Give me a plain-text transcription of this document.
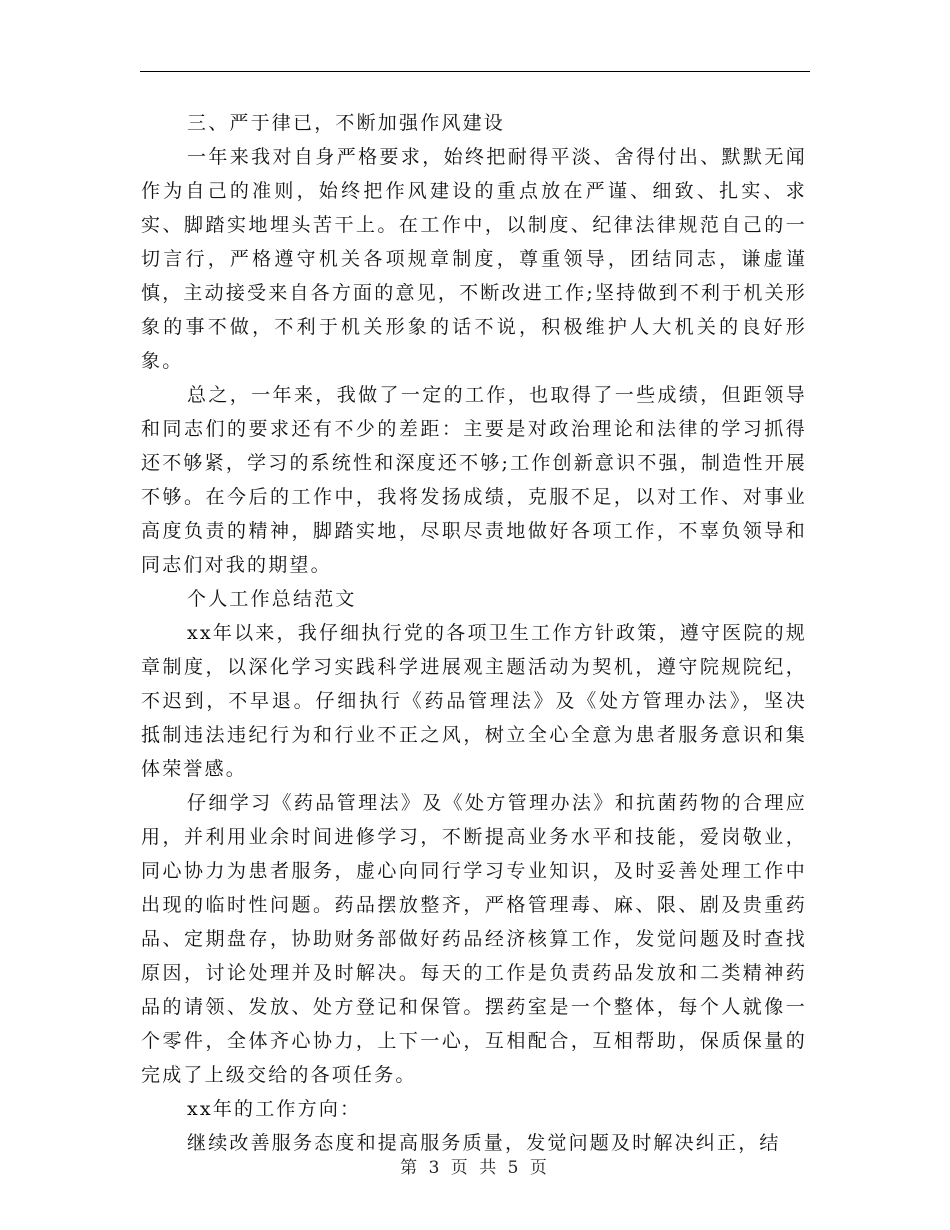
三、严于律已，不断加强作风建设

一年来我对自身严格要求，始终把耐得平淡、舍得付出、默默无闻作为自己的准则，始终把作风建设的重点放在严谨、细致、扎实、求实、脚踏实地埋头苦干上。在工作中，以制度、纪律法律规范自己的一切言行，严格遵守机关各项规章制度，尊重领导，团结同志，谦虚谨慎，主动接受来自各方面的意见，不断改进工作;坚持做到不利于机关形象的事不做，不利于机关形象的话不说，积极维护人大机关的良好形象。

总之，一年来，我做了一定的工作，也取得了一些成绩，但距领导和同志们的要求还有不少的差距：主要是对政治理论和法律的学习抓得还不够紧，学习的系统性和深度还不够;工作创新意识不强，制造性开展不够。在今后的工作中，我将发扬成绩，克服不足，以对工作、对事业高度负责的精神，脚踏实地，尽职尽责地做好各项工作，不辜负领导和同志们对我的期望。

个人工作总结范文

xx年以来，我仔细执行党的各项卫生工作方针政策，遵守医院的规章制度，以深化学习实践科学进展观主题活动为契机，遵守院规院纪，不迟到，不早退。仔细执行《药品管理法》及《处方管理办法》，坚决抵制违法违纪行为和行业不正之风，树立全心全意为患者服务意识和集体荣誉感。

仔细学习《药品管理法》及《处方管理办法》和抗菌药物的合理应用，并利用业余时间进修学习，不断提高业务水平和技能，爱岗敬业，同心协力为患者服务，虚心向同行学习专业知识，及时妥善处理工作中出现的临时性问题。药品摆放整齐，严格管理毒、麻、限、剧及贵重药品、定期盘存，协助财务部做好药品经济核算工作，发觉问题及时查找原因，讨论处理并及时解决。每天的工作是负责药品发放和二类精神药品的请领、发放、处方登记和保管。摆药室是一个整体，每个人就像一个零件，全体齐心协力，上下一心，互相配合，互相帮助，保质保量的完成了上级交给的各项任务。

xx年的工作方向：

继续改善服务态度和提高服务质量，发觉问题及时解决纠正，结

第 3 页 共 5 页
